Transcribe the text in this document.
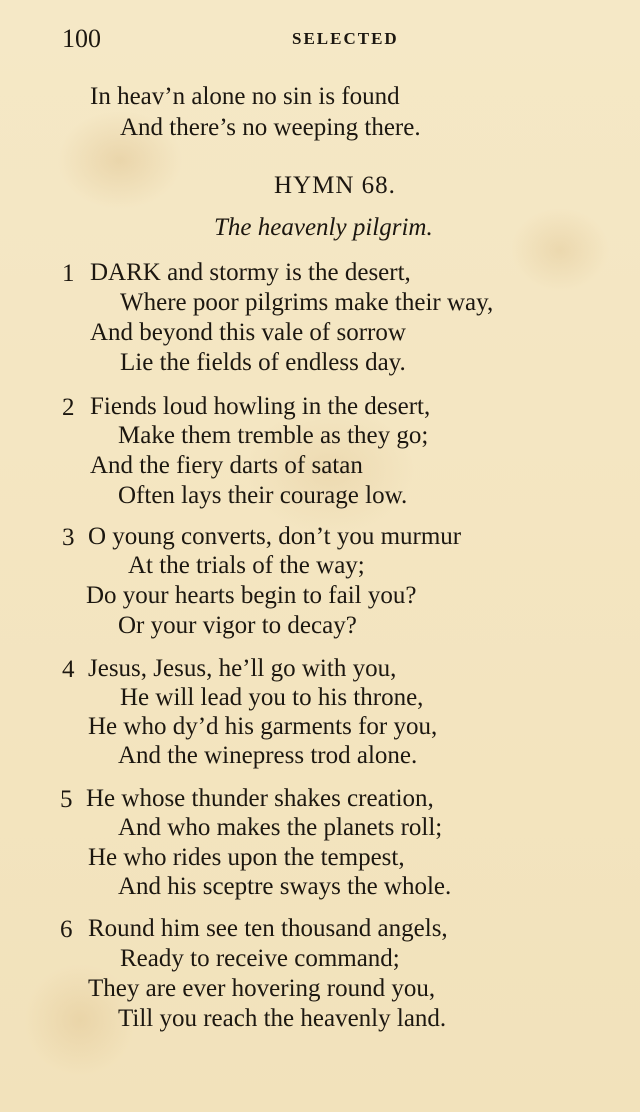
100	SELECTED
In heav’n alone no sin is found
And there’s no weeping there.
HYMN 68.
The heavenly pilgrim.
1 DARK and stormy is the desert,
Where poor pilgrims make their way,
And beyond this vale of sorrow
Lie the fields of endless day.
2 Fiends loud howling in the desert,
Make them tremble as they go;
And the fiery darts of satan
Often lays their courage low.
3 O young converts, don’t you murmur
At the trials of the way;
Do your hearts begin to fail you?
Or your vigor to decay?
4 Jesus, Jesus, he’ll go with you,
He will lead you to his throne,
He who dy’d his garments for you,
And the winepress trod alone.
5 He whose thunder shakes creation,
And who makes the planets roll;
He who rides upon the tempest,
And his sceptre sways the whole.
6 Round him see ten thousand angels,
Ready to receive command;
They are ever hovering round you,
Till you reach the heavenly land.
